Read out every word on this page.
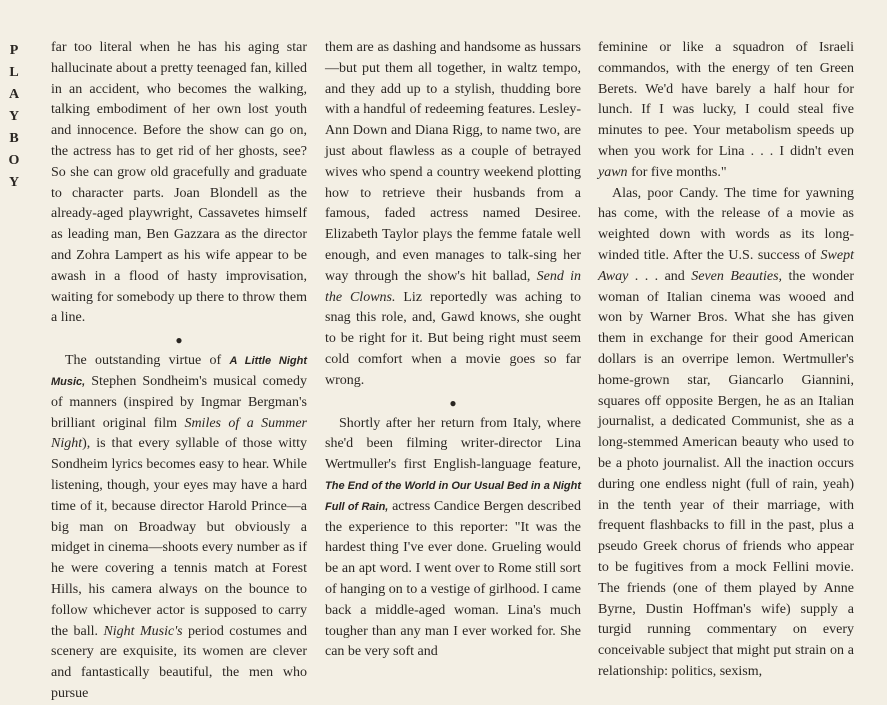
P
L
A
Y
B
O
Y

far too literal when he has his aging star hallucinate about a pretty teenaged fan, killed in an accident, who becomes the walking, talking embodiment of her own lost youth and innocence. Before the show can go on, the actress has to get rid of her ghosts, see? So she can grow old gracefully and graduate to character parts. Joan Blondell as the already-aged playwright, Cassavetes himself as leading man, Ben Gazzara as the director and Zohra Lampert as his wife appear to be awash in a flood of hasty improvisation, waiting for somebody up there to throw them a line.

●

The outstanding virtue of A Little Night Music, Stephen Sondheim's musical comedy of manners (inspired by Ingmar Bergman's brilliant original film Smiles of a Summer Night), is that every syllable of those witty Sondheim lyrics becomes easy to hear. While listening, though, your eyes may have a hard time of it, because director Harold Prince—a big man on Broadway but obviously a midget in cinema—shoots every number as if he were covering a tennis match at Forest Hills, his camera always on the bounce to follow whichever actor is supposed to carry the ball. Night Music's period costumes and scenery are exquisite, its women are clever and fantastically beautiful, the men who pursue

them are as dashing and handsome as hussars—but put them all together, in waltz tempo, and they add up to a stylish, thudding bore with a handful of redeeming features. Lesley-Ann Down and Diana Rigg, to name two, are just about flawless as a couple of betrayed wives who spend a country weekend plotting how to retrieve their husbands from a famous, faded actress named Desiree. Elizabeth Taylor plays the femme fatale well enough, and even manages to talk-sing her way through the show's hit ballad, Send in the Clowns. Liz reportedly was aching to snag this role, and, Gawd knows, she ought to be right for it. But being right must seem cold comfort when a movie goes so far wrong.

●

Shortly after her return from Italy, where she'd been filming writer-director Lina Wertmuller's first English-language feature, The End of the World in Our Usual Bed in a Night Full of Rain, actress Candice Bergen described the experience to this reporter: "It was the hardest thing I've ever done. Grueling would be an apt word. I went over to Rome still sort of hanging on to a vestige of girlhood. I came back a middle-aged woman. Lina's much tougher than any man I ever worked for. She can be very soft and

feminine or like a squadron of Israeli commandos, with the energy of ten Green Berets. We'd have barely a half hour for lunch. If I was lucky, I could steal five minutes to pee. Your metabolism speeds up when you work for Lina . . . I didn't even yawn for five months."

Alas, poor Candy. The time for yawning has come, with the release of a movie as weighted down with words as its long-winded title. After the U.S. success of Swept Away . . . and Seven Beauties, the wonder woman of Italian cinema was wooed and won by Warner Bros. What she has given them in exchange for their good American dollars is an overripe lemon. Wertmuller's home-grown star, Giancarlo Giannini, squares off opposite Bergen, he as an Italian journalist, a dedicated Communist, she as a long-stemmed American beauty who used to be a photo journalist. All the inaction occurs during one endless night (full of rain, yeah) in the tenth year of their marriage, with frequent flashbacks to fill in the past, plus a pseudo Greek chorus of friends who appear to be fugitives from a mock Fellini movie. The friends (one of them played by Anne Byrne, Dustin Hoffman's wife) supply a turgid running commentary on every conceivable subject that might put strain on a relationship: politics, sexism,
